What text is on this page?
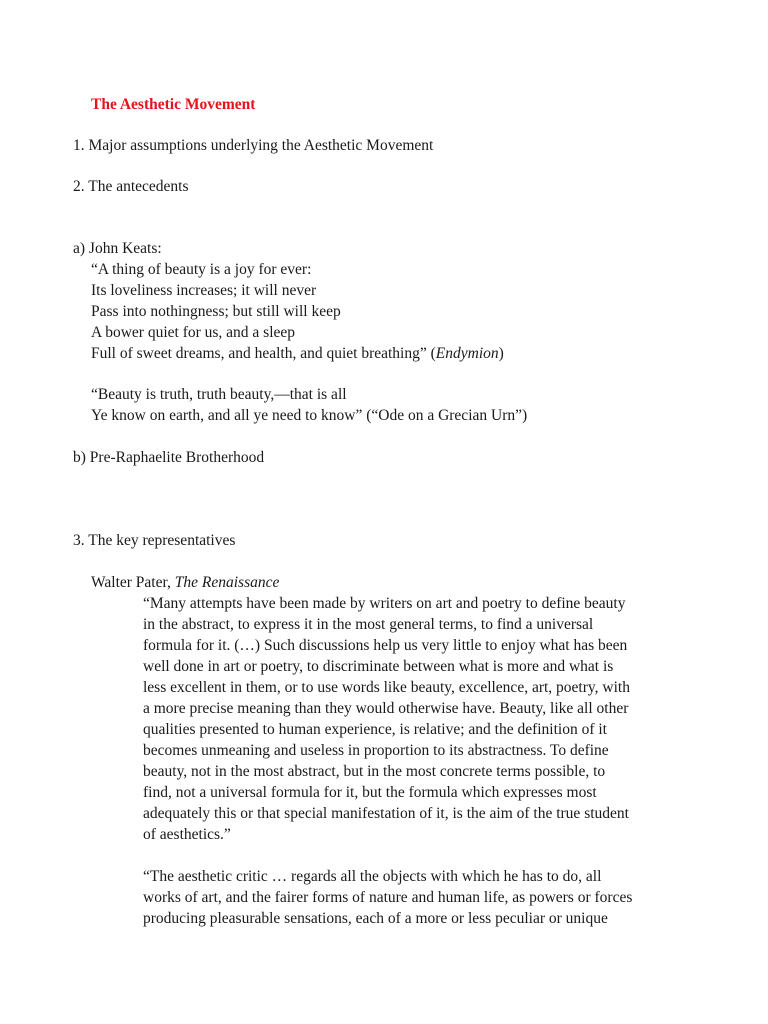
The Aesthetic Movement
1. Major assumptions underlying the Aesthetic Movement
2. The antecedents
a) John Keats:
“A thing of beauty is a joy for ever:
Its loveliness increases; it will never
Pass into nothingness; but still will keep
A bower quiet for us, and a sleep
Full of sweet dreams, and health, and quiet breathing” (Endymion)
“Beauty is truth, truth beauty,—that is all
Ye know on earth, and all ye need to know” (“Ode on a Grecian Urn”)
b) Pre-Raphaelite Brotherhood
3. The key representatives
Walter Pater, The Renaissance
“Many attempts have been made by writers on art and poetry to define beauty
in the abstract, to express it in the most general terms, to find a universal
formula for it. (…) Such discussions help us very little to enjoy what has been
well done in art or poetry, to discriminate between what is more and what is
less excellent in them, or to use words like beauty, excellence, art, poetry, with
a more precise meaning than they would otherwise have. Beauty, like all other
qualities presented to human experience, is relative; and the definition of it
becomes unmeaning and useless in proportion to its abstractness. To define
beauty, not in the most abstract, but in the most concrete terms possible, to
find, not a universal formula for it, but the formula which expresses most
adequately this or that special manifestation of it, is the aim of the true student
of aesthetics.”
“The aesthetic critic … regards all the objects with which he has to do, all
works of art, and the fairer forms of nature and human life, as powers or forces
producing pleasurable sensations, each of a more or less peculiar or unique
